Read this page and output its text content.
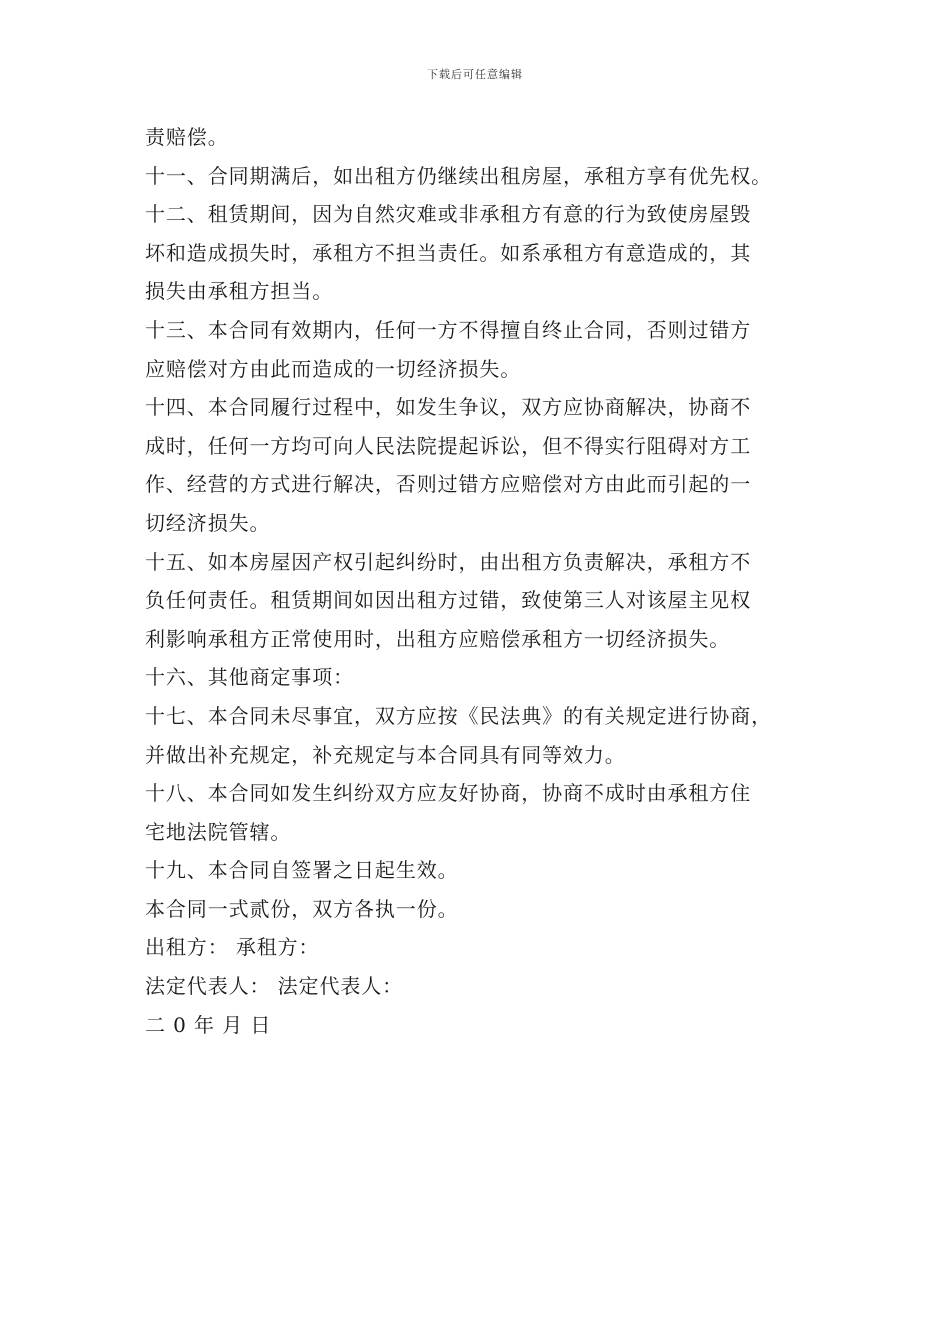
下载后可任意编辑
责赔偿。
十一、合同期满后，如出租方仍继续出租房屋，承租方享有优先权。
十二、租赁期间，因为自然灾难或非承租方有意的行为致使房屋毁
坏和造成损失时，承租方不担当责任。如系承租方有意造成的，其
损失由承租方担当。
十三、本合同有效期内，任何一方不得擅自终止合同，否则过错方
应赔偿对方由此而造成的一切经济损失。
十四、本合同履行过程中，如发生争议，双方应协商解决，协商不
成时，任何一方均可向人民法院提起诉讼，但不得实行阻碍对方工
作、经营的方式进行解决，否则过错方应赔偿对方由此而引起的一
切经济损失。
十五、如本房屋因产权引起纠纷时，由出租方负责解决，承租方不
负任何责任。租赁期间如因出租方过错，致使第三人对该屋主见权
利影响承租方正常使用时，出租方应赔偿承租方一切经济损失。
十六、其他商定事项：
十七、本合同未尽事宜，双方应按《民法典》的有关规定进行协商，
并做出补充规定，补充规定与本合同具有同等效力。
十八、本合同如发生纠纷双方应友好协商，协商不成时由承租方住
宅地法院管辖。
十九、本合同自签署之日起生效。
本合同一式贰份，双方各执一份。
出租方： 承租方：
法定代表人： 法定代表人：
二 0 年 月 日
